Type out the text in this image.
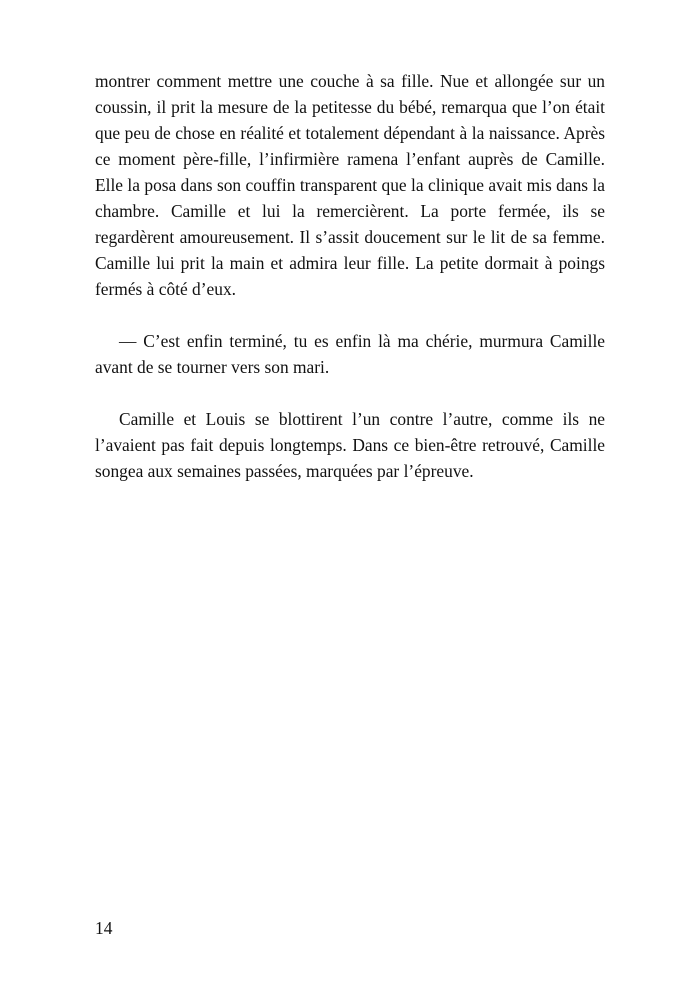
montrer comment mettre une couche à sa fille. Nue et allongée sur un coussin, il prit la mesure de la petitesse du bébé, remarqua que l’on était que peu de chose en réalité et totalement dépendant à la naissance. Après ce moment père-fille, l’infirmière ramena l’enfant auprès de Camille. Elle la posa dans son couffin transparent que la clinique avait mis dans la chambre. Camille et lui la remercièrent. La porte fermée, ils se regardèrent amoureusement. Il s’assit doucement sur le lit de sa femme. Camille lui prit la main et admira leur fille. La petite dormait à poings fermés à côté d’eux.

— C’est enfin terminé, tu es enfin là ma chérie, murmura Camille avant de se tourner vers son mari.

Camille et Louis se blottirent l’un contre l’autre, comme ils ne l’avaient pas fait depuis longtemps. Dans ce bien-être retrouvé, Camille songea aux semaines passées, marquées par l’épreuve.

14
